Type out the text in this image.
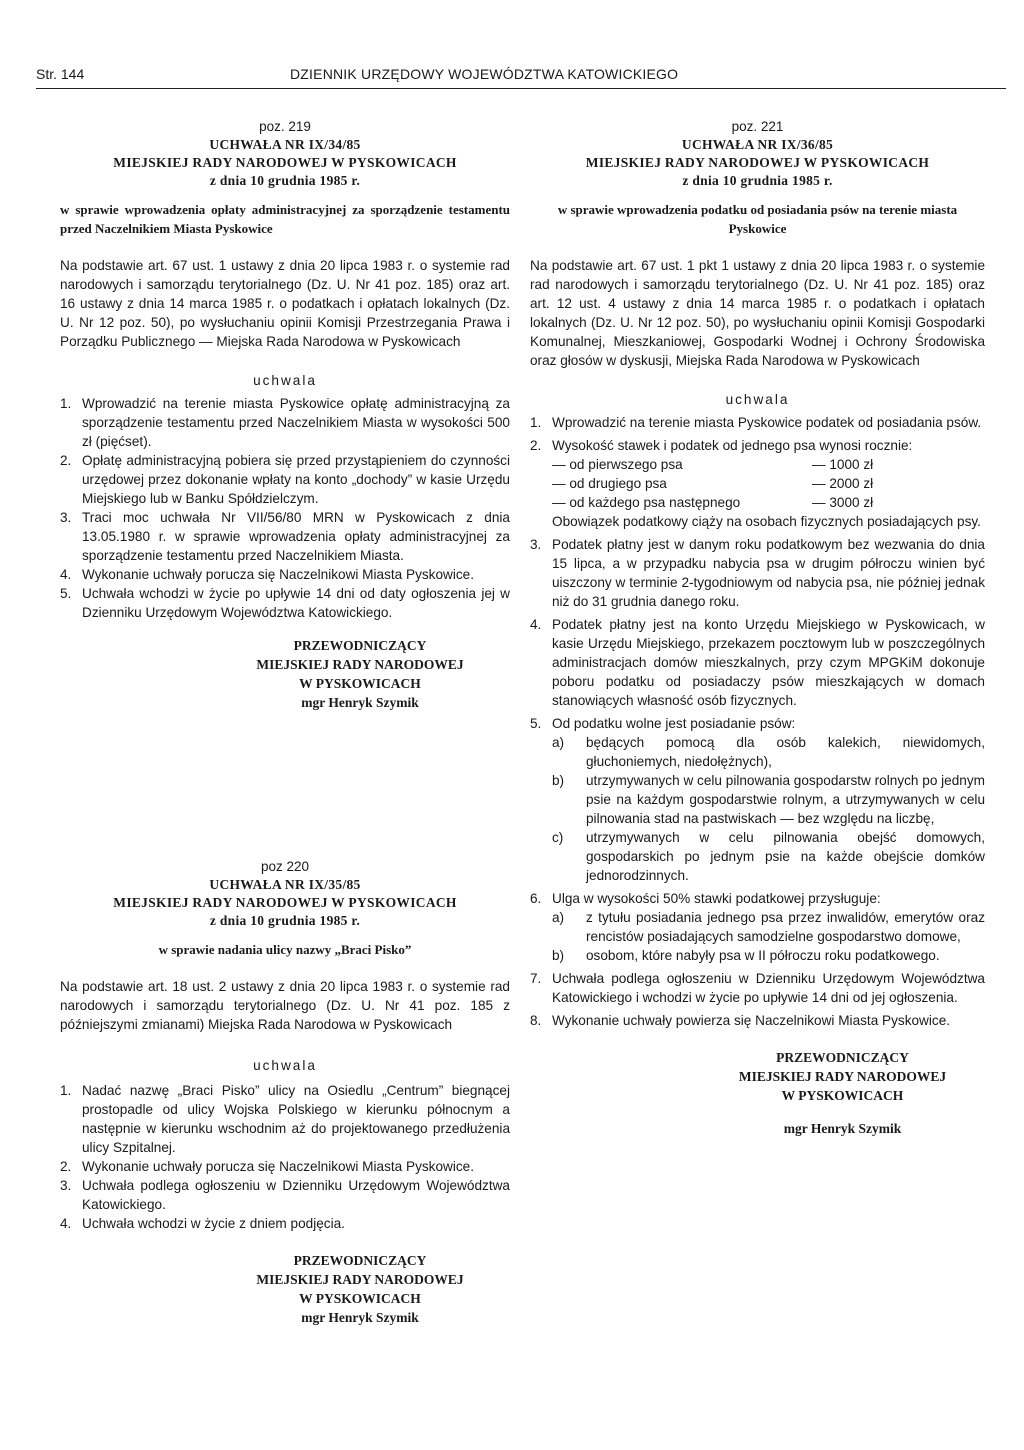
Str. 144	DZIENNIK URZĘDOWY WOJEWÓDZTWA KATOWICKIEGO
poz. 219
UCHWAŁA NR IX/34/85
MIEJSKIEJ RADY NARODOWEJ W PYSKOWICACH
z dnia 10 grudnia 1985 r.
w sprawie wprowadzenia opłaty administracyjnej za sporządzenie testamentu przed Naczelnikiem Miasta Pyskowice
Na podstawie art. 67 ust. 1 ustawy z dnia 20 lipca 1983 r. o systemie rad narodowych i samorządu terytorialnego (Dz. U. Nr 41 poz. 185) oraz art. 16 ustawy z dnia 14 marca 1985 r. o podatkach i opłatach lokalnych (Dz. U. Nr 12 poz. 50), po wysłuchaniu opinii Komisji Przestrzegania Prawa i Porządku Publicznego — Miejska Rada Narodowa w Pyskowicach
uchwala
1. Wprowadzić na terenie miasta Pyskowice opłatę administracyjną za sporządzenie testamentu przed Naczelnikiem Miasta w wysokości 500 zł (pięćset).
2. Opłatę administracyjną pobiera się przed przystąpieniem do czynności urzędowej przez dokonanie wpłaty na konto „dochody” w kasie Urzędu Miejskiego lub w Banku Spółdzielczym.
3. Traci moc uchwała Nr VII/56/80 MRN w Pyskowicach z dnia 13.05.1980 r. w sprawie wprowadzenia opłaty administracyjnej za sporządzenie testamentu przed Naczelnikiem Miasta.
4. Wykonanie uchwały porucza się Naczelnikowi Miasta Pyskowice.
5. Uchwała wchodzi w życie po upływie 14 dni od daty ogłoszenia jej w Dzienniku Urzędowym Województwa Katowickiego.
PRZEWODNICZĄCY
MIEJSKIEJ RADY NARODOWEJ
W PYSKOWICACH
mgr Henryk Szymik
poz 220
UCHWAŁA NR IX/35/85
MIEJSKIEJ RADY NARODOWEJ W PYSKOWICACH
z dnia 10 grudnia 1985 r.
w sprawie nadania ulicy nazwy „Braci Pisko”
Na podstawie art. 18 ust. 2 ustawy z dnia 20 lipca 1983 r. o systemie rad narodowych i samorządu terytorialnego (Dz. U. Nr 41 poz. 185 z późniejszymi zmianami) Miejska Rada Narodowa w Pyskowicach
uchwala
1. Nadać nazwę „Braci Pisko” ulicy na Osiedlu „Centrum” biegnącej prostopadle od ulicy Wojska Polskiego w kierunku północnym a następnie w kierunku wschodnim aż do projektowanego przedłużenia ulicy Szpitalnej.
2. Wykonanie uchwały porucza się Naczelnikowi Miasta Pyskowice.
3. Uchwała podlega ogłoszeniu w Dzienniku Urzędowym Województwa Katowickiego.
4. Uchwała wchodzi w życie z dniem podjęcia.
PRZEWODNICZĄCY
MIEJSKIEJ RADY NARODOWEJ
W PYSKOWICACH
mgr Henryk Szymik
poz. 221
UCHWAŁA NR IX/36/85
MIEJSKIEJ RADY NARODOWEJ W PYSKOWICACH
z dnia 10 grudnia 1985 r.
w sprawie wprowadzenia podatku od posiadania psów na terenie miasta Pyskowice
Na podstawie art. 67 ust. 1 pkt 1 ustawy z dnia 20 lipca 1983 r. o systemie rad narodowych i samorządu terytorialnego (Dz. U. Nr 41 poz. 185) oraz art. 12 ust. 4 ustawy z dnia 14 marca 1985 r. o podatkach i opłatach lokalnych (Dz. U. Nr 12 poz. 50), po wysłuchaniu opinii Komisji Gospodarki Komunalnej, Mieszkaniowej, Gospodarki Wodnej i Ochrony Środowiska oraz głosów w dyskusji, Miejska Rada Narodowa w Pyskowicach
uchwala
1. Wprowadzić na terenie miasta Pyskowice podatek od posiadania psów.
2. Wysokość stawek i podatek od jednego psa wynosi rocznie:
— od pierwszego psa	— 1000 zł
— od drugiego psa	— 2000 zł
— od każdego psa następnego	— 3000 zł
Obowiązek podatkowy ciąży na osobach fizycznych posiadających psy.
3. Podatek płatny jest w danym roku podatkowym bez wezwania do dnia 15 lipca, a w przypadku nabycia psa w drugim półroczu winien być uiszczony w terminie 2-tygodniowym od nabycia psa, nie później jednak niż do 31 grudnia danego roku.
4. Podatek płatny jest na konto Urzędu Miejskiego w Pyskowicach, w kasie Urzędu Miejskiego, przekazem pocztowym lub w poszczególnych administracjach domów mieszkalnych, przy czym MPGKiM dokonuje poboru podatku od posiadaczy psów mieszkających w domach stanowiących własność osób fizycznych.
5. Od podatku wolne jest posiadanie psów:
a)	będących pomocą dla osób kalekich, niewidomych, głuchoniemych, niedołężnych),
b)	utrzymywanych w celu pilnowania gospodarstw rolnych po jednym psie na każdym gospodarstwie rolnym, a utrzymywanych w celu pilnowania stad na pastwiskach — bez względu na liczbę,
c)	utrzymywanych w celu pilnowania obejść domowych, gospodarskich po jednym psie na każde obejście domków jednorodzinnych.
6. Ulga w wysokości 50% stawki podatkowej przysługuje:
a)	z tytułu posiadania jednego psa przez inwalidów, emerytów oraz rencistów posiadających samodzielne gospodarstwo domowe,
b)	osobom, które nabyły psa w II półroczu roku podatkowego.
7. Uchwała podlega ogłoszeniu w Dzienniku Urzędowym Województwa Katowickiego i wchodzi w życie po upływie 14 dni od jej ogłoszenia.
8. Wykonanie uchwały powierza się Naczelnikowi Miasta Pyskowice.
PRZEWODNICZĄCY
MIEJSKIEJ RADY NARODOWEJ
W PYSKOWICACH
mgr Henryk Szymik
